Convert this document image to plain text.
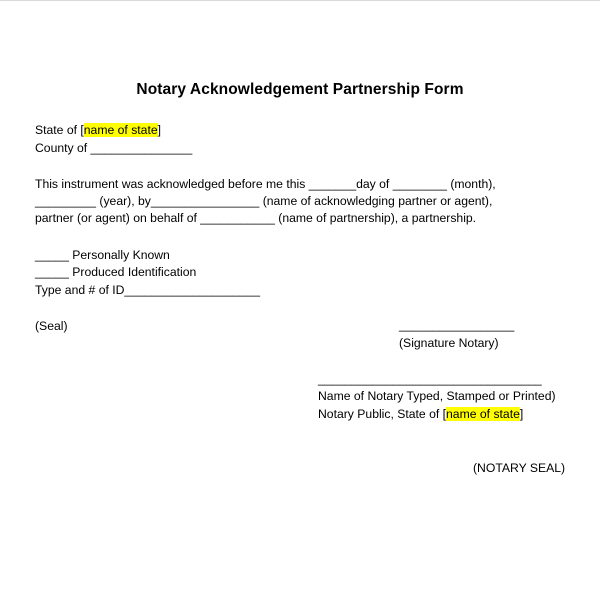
Notary Acknowledgement Partnership Form
State of [name of state]
County of _______________
This instrument was acknowledged before me this _______day of ________ (month),
_________ (year), by________________ (name of acknowledging partner or agent),
partner (or agent) on behalf of ___________ (name of partnership), a partnership.
_____ Personally Known
_____ Produced Identification
Type and # of ID____________________
(Seal)	_________________
(Signature Notary)
_________________________________
Name of Notary Typed, Stamped or Printed)
Notary Public, State of [name of state]
(NOTARY SEAL)
